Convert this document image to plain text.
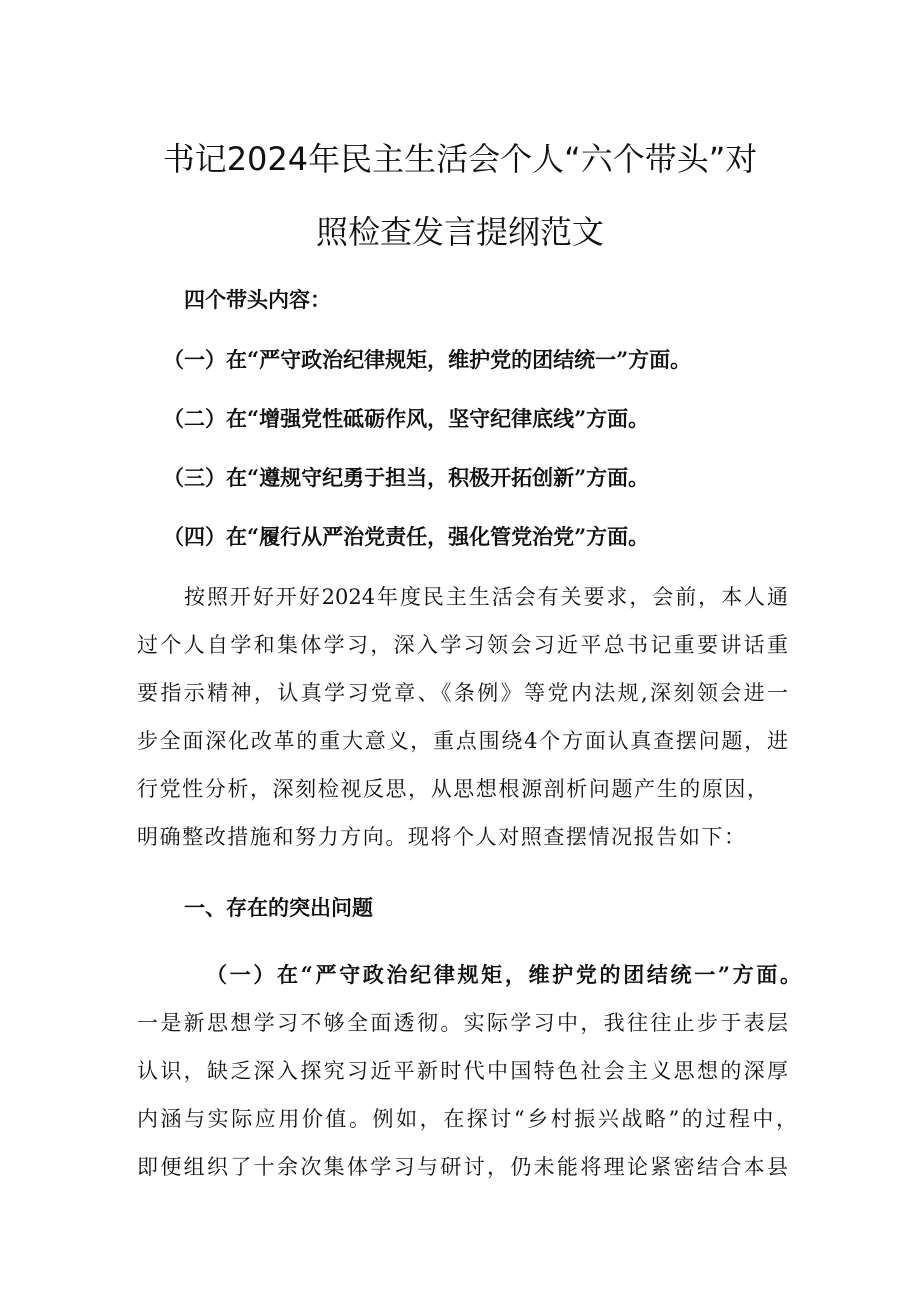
书记2024年民主生活会个人“六个带头”对
照检查发言提纲范文
四个带头内容：
（一）在“严守政治纪律规矩，维护党的团结统一”方面。
（二）在“增强党性砥砺作风，坚守纪律底线”方面。
（三）在“遵规守纪勇于担当，积极开拓创新”方面。
（四）在“履行从严治党责任，强化管党治党”方面。
按照开好开好2024年度民主生活会有关要求，会前，本人通
过个人自学和集体学习，深入学习领会习近平总书记重要讲话重
要指示精神，认真学习党章、《条例》等党内法规,深刻领会进一
步全面深化改革的重大意义，重点围绕4个方面认真查摆问题，进
行党性分析，深刻检视反思，从思想根源剖析问题产生的原因，
明确整改措施和努力方向。现将个人对照查摆情况报告如下：
一、存在的突出问题
（一）在“严守政治纪律规矩，维护党的团结统一”方面。
一是新思想学习不够全面透彻。实际学习中，我往往止步于表层
认识，缺乏深入探究习近平新时代中国特色社会主义思想的深厚
内涵与实际应用价值。例如，在探讨“乡村振兴战略”的过程中，
即便组织了十余次集体学习与研讨，仍未能将理论紧密结合本县
